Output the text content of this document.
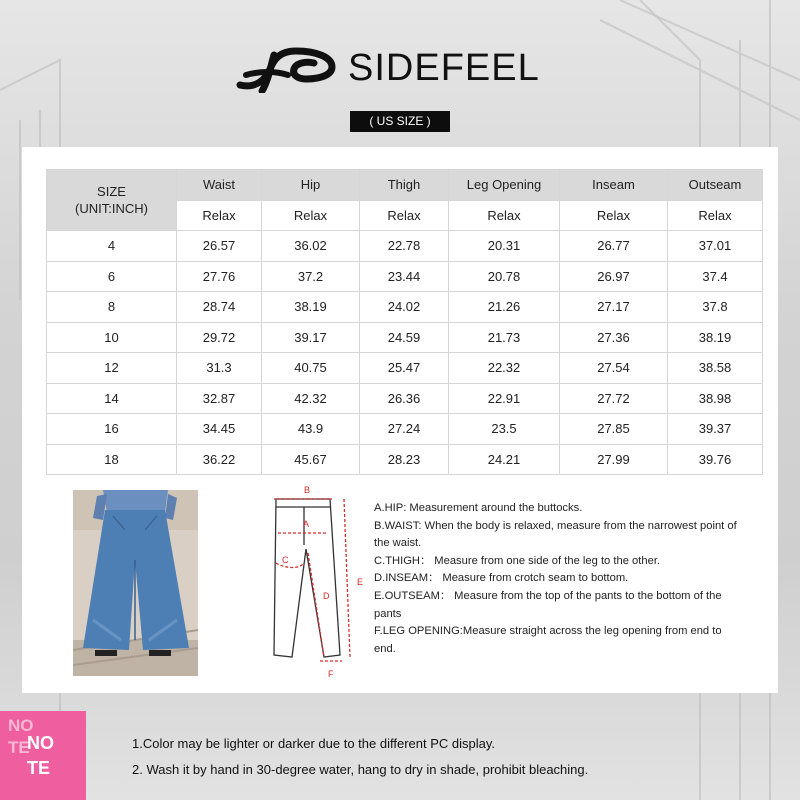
SIDEFEEL
( US SIZE )
SIZE
(UNIT:INCH)	Waist	Hip	Thigh	Leg Opening	Inseam	Outseam
	Relax	Relax	Relax	Relax	Relax	Relax
4	26.57	36.02	22.78	20.31	26.77	37.01
6	27.76	37.2	23.44	20.78	26.97	37.4
8	28.74	38.19	24.02	21.26	27.17	37.8
10	29.72	39.17	24.59	21.73	27.36	38.19
12	31.3	40.75	25.47	22.32	27.54	38.58
14	32.87	42.32	26.36	22.91	27.72	38.98
16	34.45	43.9	27.24	23.5	27.85	39.37
18	36.22	45.67	28.23	24.21	27.99	39.76
B
A
C
D
E
F
A.HIP: Measurement around the buttocks.
B.WAIST: When the body is relaxed, measure from the narrowest point of the waist.
C.THIGH： Measure from one side of the leg to the other.
D.INSEAM： Measure from crotch seam to bottom.
E.OUTSEAM： Measure from the top of the pants to the bottom of the pants
F.LEG OPENING:Measure straight across the leg opening from end to end.
NO
TE
NO
TE
1.Color may be lighter or darker due to the different PC display.
2. Wash it by hand in 30-degree water, hang to dry in shade, prohibit bleaching.
